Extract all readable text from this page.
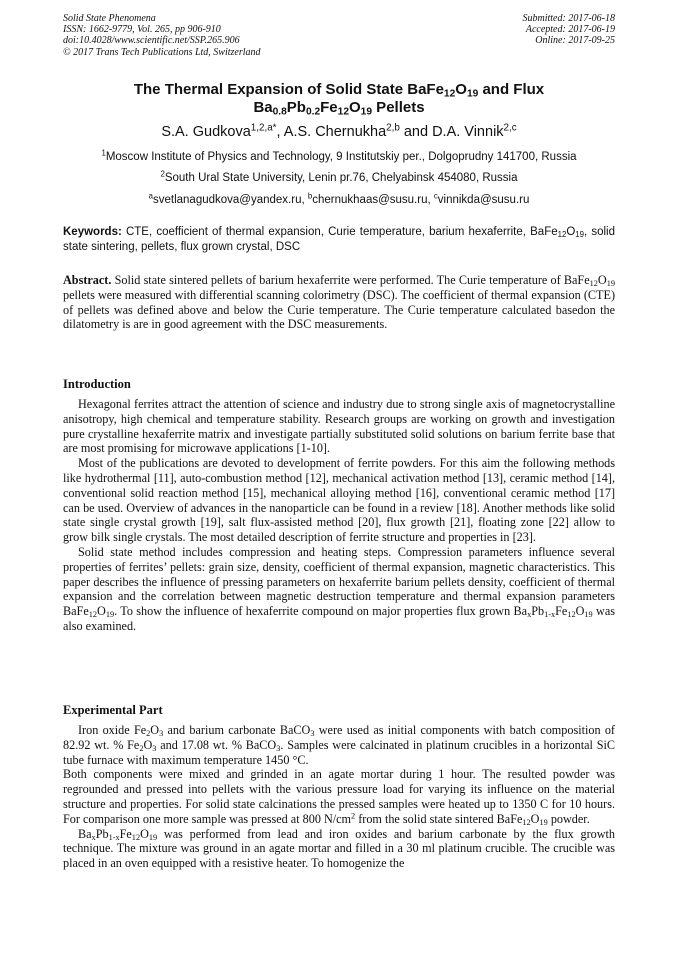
Solid State Phenomena
ISSN: 1662-9779, Vol. 265, pp 906-910
doi:10.4028/www.scientific.net/SSP.265.906
© 2017 Trans Tech Publications Ltd, Switzerland
Submitted: 2017-06-18
Accepted: 2017-06-19
Online: 2017-09-25
The Thermal Expansion of Solid State $BaFe_{12}O_{19}$ and Flux
$Ba_{0.8}Pb_{0.2}Fe_{12}O_{19}$ Pellets
S.A. Gudkova$^{1,2,a*}$, A.S. Chernukha$^{2,b}$ and D.A. Vinnik$^{2,c}$
$^1$Moscow Institute of Physics and Technology, 9 Institutskiy per., Dolgoprudny 141700, Russia
$^2$South Ural State University, Lenin pr.76, Chelyabinsk 454080, Russia
$^a$svetlanagudkova@yandex.ru, $^b$chernukhaas@susu.ru, $^c$vinnikda@susu.ru
Keywords: CTE, coefficient of thermal expansion, Curie temperature, barium hexaferrite, $BaFe_{12}O_{19}$, solid state sintering, pellets, flux grown crystal, DSC

Abstract. Solid state sintered pellets of barium hexaferrite were performed. The Curie temperature of $BaFe_{12}O_{19}$ pellets were measured with differential scanning colorimetry (DSC). The coefficient of thermal expansion (CTE) of pellets was defined above and below the Curie temperature. The Curie temperature calculated basedon the dilatometry is are in good agreement with the DSC measurements.

Introduction

Hexagonal ferrites attract the attention of science and industry due to strong single axis of magnetocrystalline anisotropy, high chemical and temperature stability. Research groups are working on growth and investigation pure crystalline hexaferrite matrix and investigate partially substituted solid solutions on barium ferrite base that are most promising for microwave applications [1-10].

Most of the publications are devoted to development of ferrite powders. For this aim the following methods like hydrothermal [11], auto-combustion method [12], mechanical activation method [13], ceramic method [14], conventional solid reaction method [15], mechanical alloying method [16], conventional ceramic method [17] can be used. Overview of advances in the nanoparticle can be found in a review [18]. Another methods like solid state single crystal growth [19], salt flux-assisted method [20], flux growth [21], floating zone [22] allow to grow bilk single crystals. The most detailed description of ferrite structure and properties in [23].

Solid state method includes compression and heating steps. Compression parameters influence several properties of ferrites’ pellets: grain size, density, coefficient of thermal expansion, magnetic characteristics. This paper describes the influence of pressing parameters on hexaferrite barium pellets density, coefficient of thermal expansion and the correlation between magnetic destruction temperature and thermal expansion parameters $BaFe_{12}O_{19}$. To show the influence of hexaferrite compound on major properties flux grown $Ba_xPb_{1-x}Fe_{12}O_{19}$ was also examined.

Experimental Part

Iron oxide $Fe_2O_3$ and barium carbonate BaCO$_3$ were used as initial components with batch composition of 82.92 wt. % $Fe_2O_3$ and 17.08 wt. % BaCO$_3$. Samples were calcinated in platinum crucibles in a horizontal SiC tube furnace with maximum temperature 1450 °C.

Both components were mixed and grinded in an agate mortar during 1 hour. The resulted powder was regrounded and pressed into pellets with the various pressure load for varying its influence on the material structure and properties. For solid state calcinations the pressed samples were heated up to 1350 C for 10 hours. For comparison one more sample was pressed at 800 $N/cm^2$ from the solid state sintered $BaFe_{12}O_{19}$ powder.

$Ba_xPb_{1-x}Fe_{12}O_{19}$ was performed from lead and iron oxides and barium carbonate by the flux growth technique. The mixture was ground in an agate mortar and filled in a 30 ml platinum crucible. The crucible was placed in an oven equipped with a resistive heater. To homogenize the
